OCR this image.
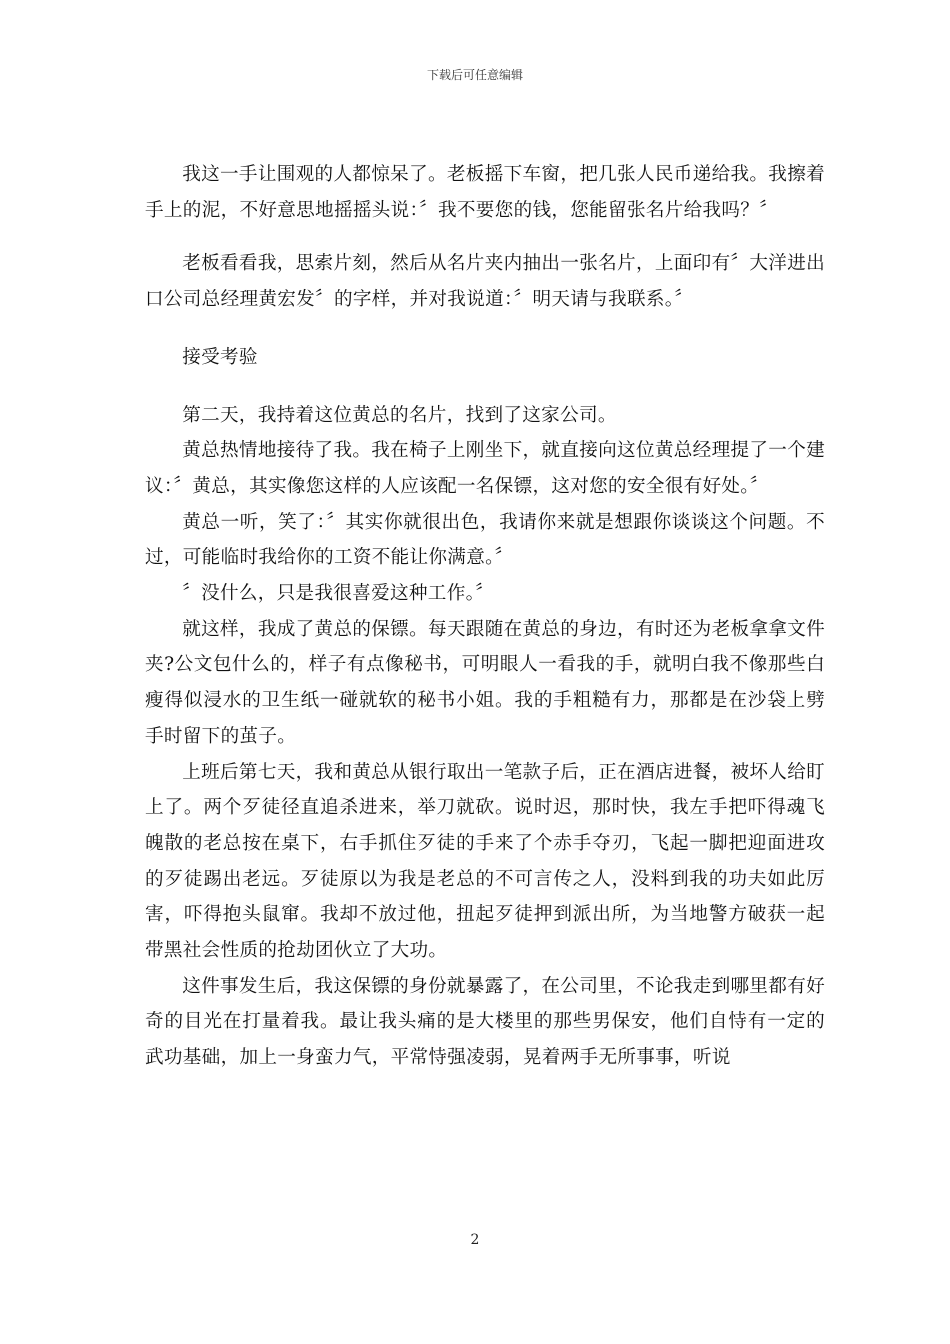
下载后可任意编辑

我这一手让围观的人都惊呆了。老板摇下车窗，把几张人民币递给我。我擦着手上的泥，不好意思地摇摇头说：〞我不要您的钱，您能留张名片给我吗？〞

老板看看我，思索片刻，然后从名片夹内抽出一张名片，上面印有〞大洋进出口公司总经理黄宏发〞的字样，并对我说道：〞明天请与我联系。〞

接受考验

第二天，我持着这位黄总的名片，找到了这家公司。

黄总热情地接待了我。我在椅子上刚坐下，就直接向这位黄总经理提了一个建议：〞黄总，其实像您这样的人应该配一名保镖，这对您的安全很有好处。〞

黄总一听，笑了：〞其实你就很出色，我请你来就是想跟你谈谈这个问题。不过，可能临时我给你的工资不能让你满意。〞

〞没什么，只是我很喜爱这种工作。〞

就这样，我成了黄总的保镖。每天跟随在黄总的身边，有时还为老板拿拿文件夹?公文包什么的，样子有点像秘书，可明眼人一看我的手，就明白我不像那些白瘦得似浸水的卫生纸一碰就软的秘书小姐。我的手粗糙有力，那都是在沙袋上劈手时留下的茧子。

上班后第七天，我和黄总从银行取出一笔款子后，正在酒店进餐，被坏人给盯上了。两个歹徒径直追杀进来，举刀就砍。说时迟，那时快，我左手把吓得魂飞魄散的老总按在桌下，右手抓住歹徒的手来了个赤手夺刃，飞起一脚把迎面进攻的歹徒踢出老远。歹徒原以为我是老总的不可言传之人，没料到我的功夫如此厉害，吓得抱头鼠窜。我却不放过他，扭起歹徒押到派出所，为当地警方破获一起带黑社会性质的抢劫团伙立了大功。

这件事发生后，我这保镖的身份就暴露了，在公司里，不论我走到哪里都有好奇的目光在打量着我。最让我头痛的是大楼里的那些男保安，他们自恃有一定的武功基础，加上一身蛮力气，平常恃强凌弱，晃着两手无所事事，听说

2
